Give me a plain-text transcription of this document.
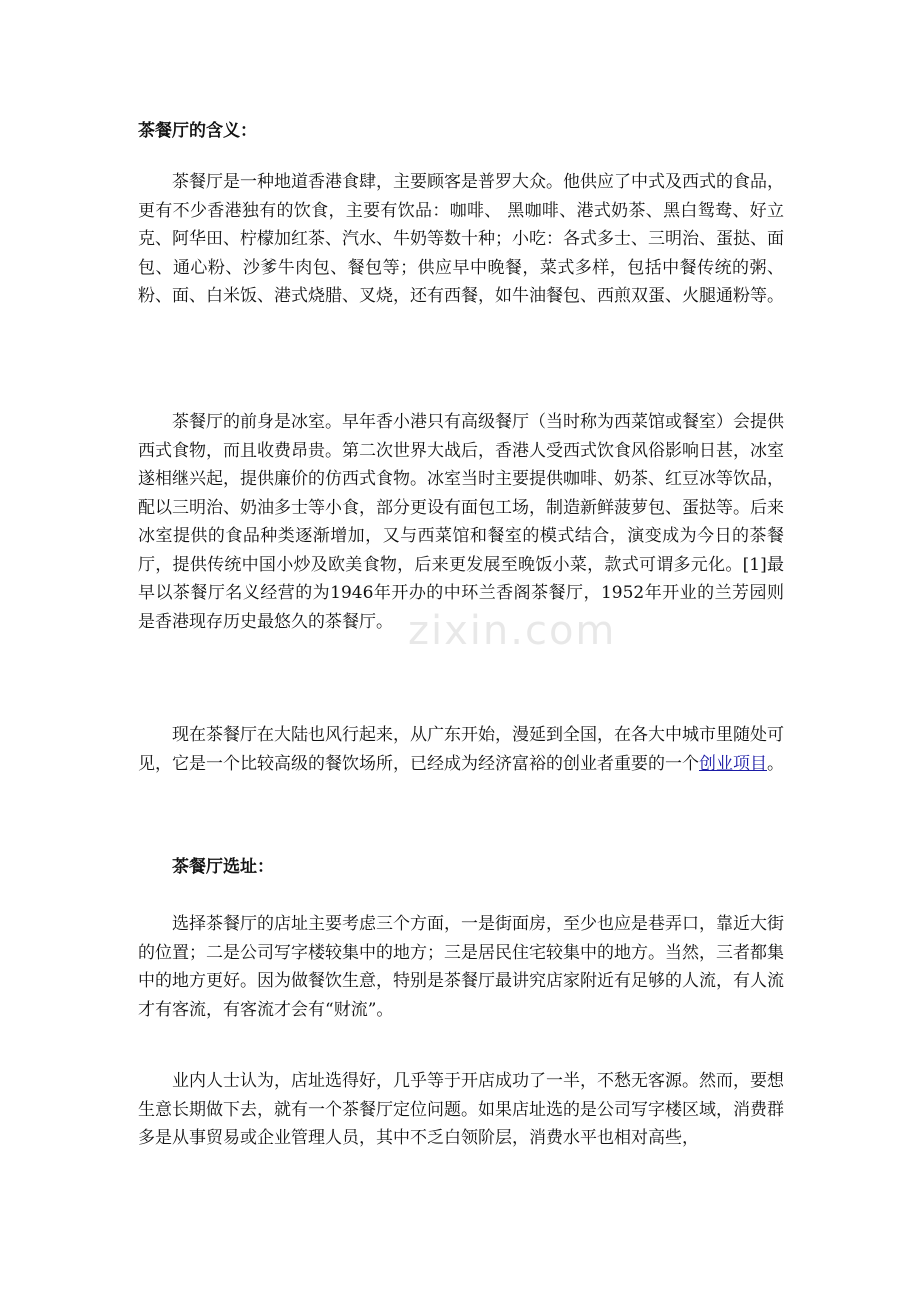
茶餐厅的含义：

茶餐厅是一种地道香港食肆，主要顾客是普罗大众。他供应了中式及西式的食品，更有不少香港独有的饮食，主要有饮品：咖啡、 黑咖啡、港式奶茶、黑白鸳鸯、好立克、阿华田、柠檬加红茶、汽水、牛奶等数十种；小吃：各式多士、三明治、蛋挞、面包、通心粉、沙爹牛肉包、餐包等；供应早中晚餐，菜式多样，包括中餐传统的粥、粉、面、白米饭、港式烧腊、叉烧，还有西餐，如牛油餐包、西煎双蛋、火腿通粉等。

茶餐厅的前身是冰室。早年香小港只有高级餐厅（当时称为西菜馆或餐室）会提供西式食物，而且收费昂贵。第二次世界大战后，香港人受西式饮食风俗影响日甚，冰室遂相继兴起，提供廉价的仿西式食物。冰室当时主要提供咖啡、奶茶、红豆冰等饮品，配以三明治、奶油多士等小食，部分更设有面包工场，制造新鲜菠萝包、蛋挞等。后来冰室提供的食品种类逐渐增加，又与西菜馆和餐室的模式结合，演变成为今日的茶餐厅，提供传统中国小炒及欧美食物，后来更发展至晚饭小菜，款式可谓多元化。[1]最早以茶餐厅名义经营的为1946年开办的中环兰香阁茶餐厅，1952年开业的兰芳园则是香港现存历史最悠久的茶餐厅。

现在茶餐厅在大陆也风行起来，从广东开始，漫延到全国，在各大中城市里随处可见，它是一个比较高级的餐饮场所，已经成为经济富裕的创业者重要的一个创业项目。

茶餐厅选址：

选择茶餐厅的店址主要考虑三个方面，一是街面房，至少也应是巷弄口，靠近大街的位置；二是公司写字楼较集中的地方；三是居民住宅较集中的地方。当然，三者都集中的地方更好。因为做餐饮生意，特别是茶餐厅最讲究店家附近有足够的人流，有人流才有客流，有客流才会有“财流”。

业内人士认为，店址选得好，几乎等于开店成功了一半，不愁无客源。然而，要想生意长期做下去，就有一个茶餐厅定位问题。如果店址选的是公司写字楼区域，消费群多是从事贸易或企业管理人员，其中不乏白领阶层，消费水平也相对高些，

zixin.com
